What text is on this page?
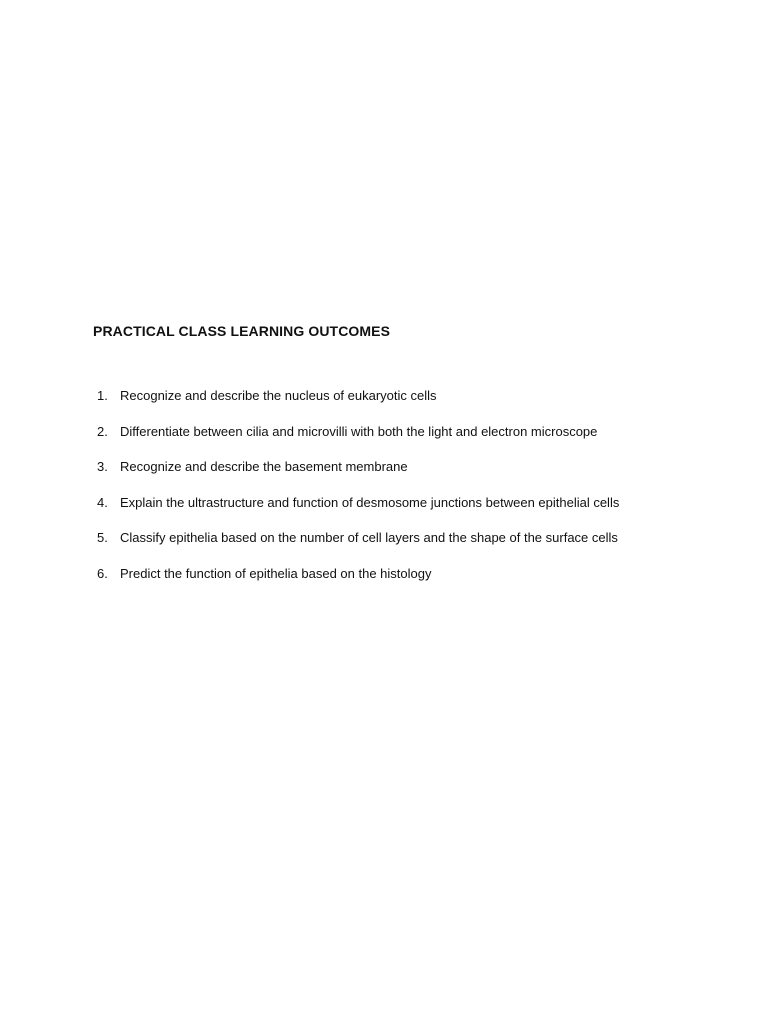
PRACTICAL CLASS LEARNING OUTCOMES
1. Recognize and describe the nucleus of eukaryotic cells
2. Differentiate between cilia and microvilli with both the light and electron microscope
3. Recognize and describe the basement membrane
4. Explain the ultrastructure and function of desmosome junctions between epithelial cells
5. Classify epithelia based on the number of cell layers and the shape of the surface cells
6. Predict the function of epithelia based on the histology
